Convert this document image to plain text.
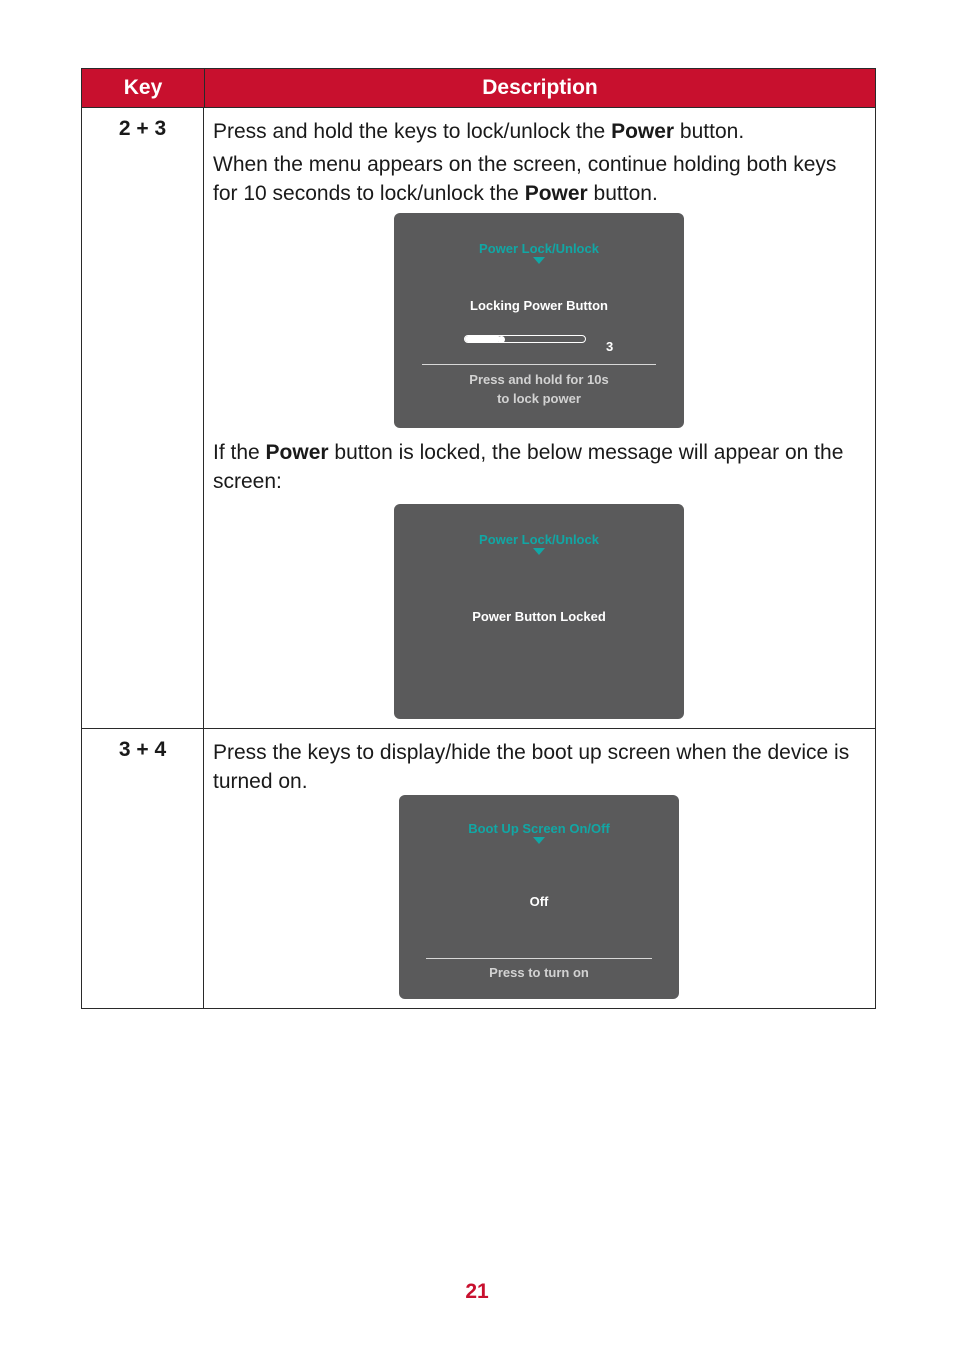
Key	Description
2 + 3	Press and hold the keys to lock/unlock the Power button.

When the menu appears on the screen, continue holding both keys for 10 seconds to lock/unlock the Power button.

Power Lock/Unlock
Locking Power Button
3
Press and hold for 10s
to lock power

If the Power button is locked, the below message will appear on the screen:

Power Lock/Unlock
Power Button Locked
3 + 4	Press the keys to display/hide the boot up screen when the device is turned on.

Boot Up Screen On/Off
Off
Press to turn on
21
